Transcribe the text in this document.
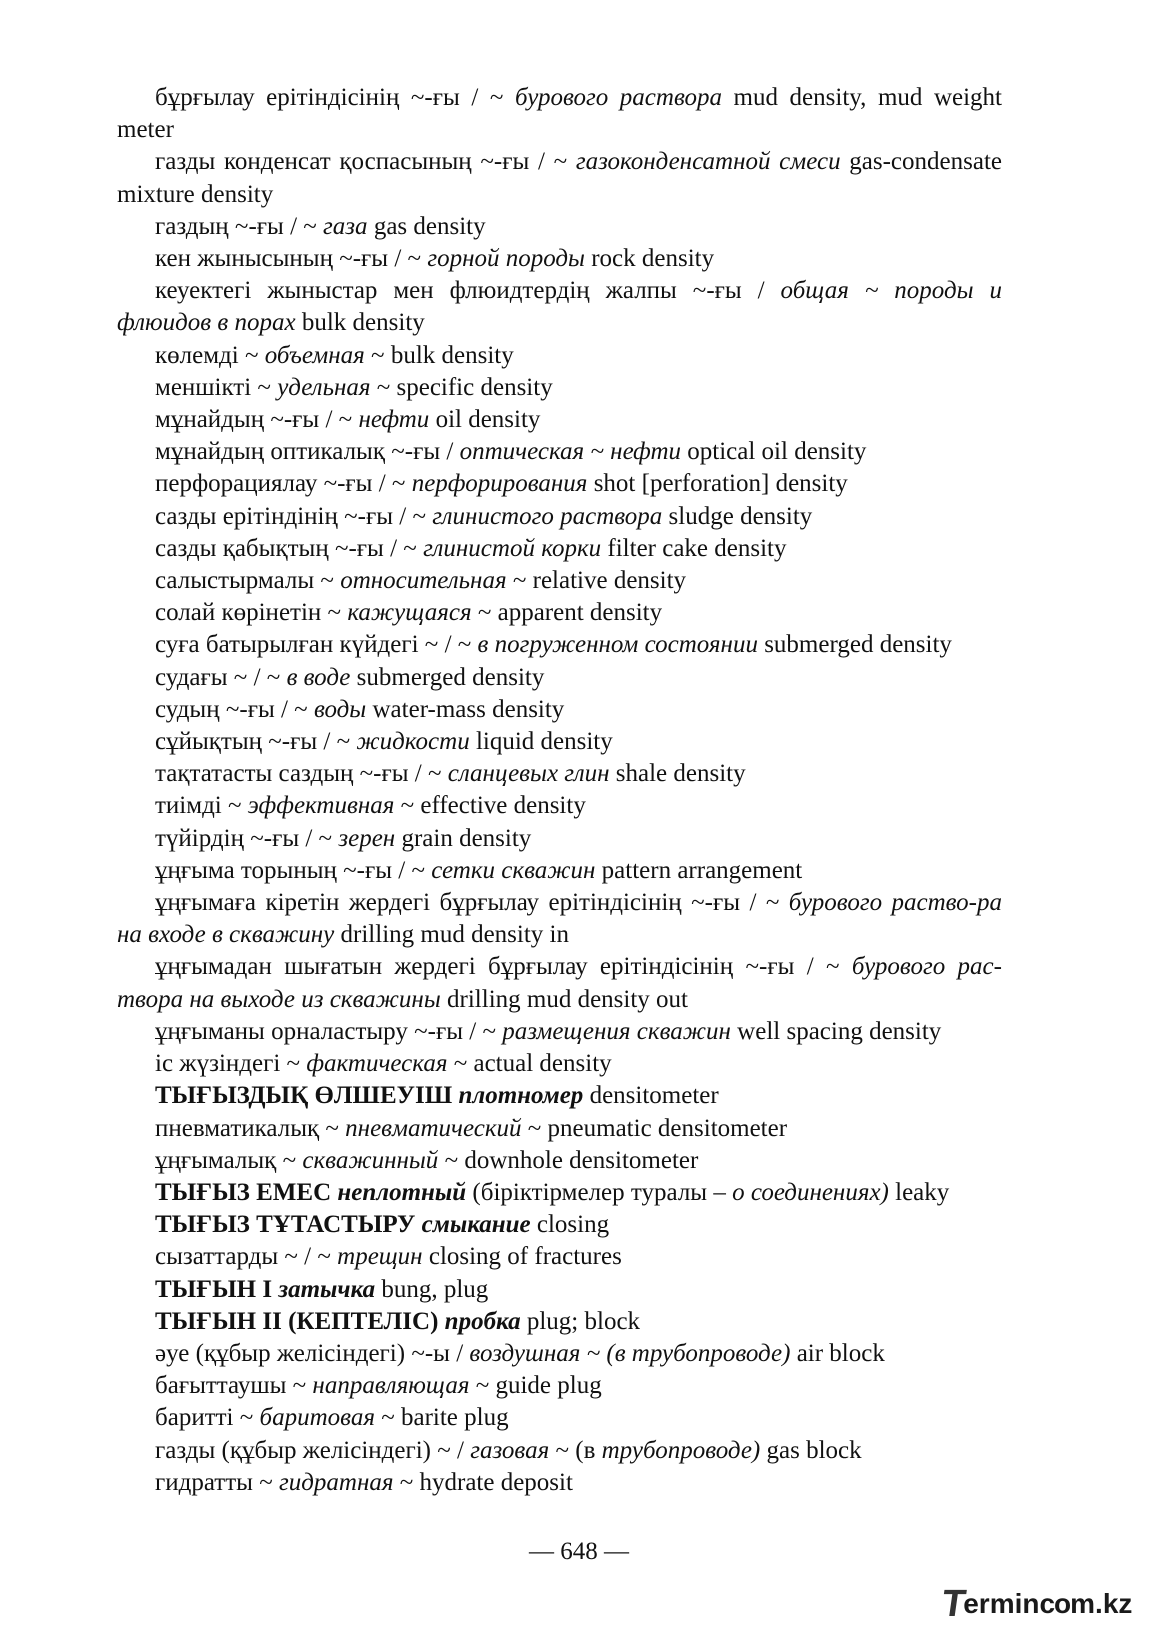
бұрғылау ерітіндісінің ~-ғы / ~ бурового раствора mud density, mud weight meter

газды конденсат қоспасының ~-ғы / ~ газоконденсатной смеси gas-condensate mixture density

газдың ~-ғы / ~ газа gas density

кен жынысының ~-ғы / ~ горной породы rock density

кеуектегі жыныстар мен флюидтердің жалпы ~-ғы / общая ~ породы и флюидов в порах bulk density

көлемді ~ объемная ~ bulk density

меншікті ~ удельная ~ specific density

мұнайдың ~-ғы / ~ нефти oil density

мұнайдың оптикалық ~-ғы / оптическая ~ нефти optical oil density

перфорациялау ~-ғы / ~ перфорирования shot [perforation] density

сазды ерітіндінің ~-ғы / ~ глинистого раствора sludge density

сазды қабықтың ~-ғы / ~ глинистой корки filter cake density

салыстырмалы ~ относительная ~ relative density

солай көрінетін ~ кажущаяся ~ apparent density

суға батырылған күйдегі ~ / ~ в погруженном состоянии submerged density

судағы ~ / ~ в воде submerged density

судың ~-ғы / ~ воды water-mass density

сұйықтың ~-ғы / ~ жидкости liquid density

тақтатасты саздың ~-ғы / ~ сланцевых глин shale density

тиімді ~ эффективная ~ effective density

түйірдің ~-ғы / ~ зерен grain density

ұңғыма торының ~-ғы / ~ сетки скважин pattern arrangement

ұңғымаға кіретін жердегі бұрғылау ерітіндісінің ~-ғы / ~ бурового раство-ра на входе в скважину drilling mud density in

ұңғымадан шығатын жердегі бұрғылау ерітіндісінің ~-ғы / ~ бурового рас-твора на выходе из скважины drilling mud density out

ұңғыманы орналастыру ~-ғы / ~ размещения скважин well spacing density

іс жүзіндегі ~ фактическая ~ actual density

ТЫҒЫЗДЫҚ ӨЛШЕУІШ плотномер densitometer

пневматикалық ~ пневматический ~ pneumatic densitometer

ұңғымалық ~ скважинный ~ downhole densitometer

ТЫҒЫЗ ЕМЕС неплотный (біріктірмелер туралы – о соединениях) leaky

ТЫҒЫЗ ТҰТАСТЫРУ смыкание closing

сызаттарды ~ / ~ трещин closing of fractures

ТЫҒЫН I затычка bung, plug

ТЫҒЫН II (КЕПТЕЛІС) пробка plug; block

әуе (құбыр желісіндегі) ~-ы / воздушная ~ (в трубопроводе) air block

бағыттаушы ~ направляющая ~ guide plug

баритті ~ баритовая ~ barite plug

газды (құбыр желісіндегі) ~ / газовая ~ (в трубопроводе) gas block

гидратты ~ гидратная ~ hydrate deposit

— 648 —
T
erminc o m.kz
